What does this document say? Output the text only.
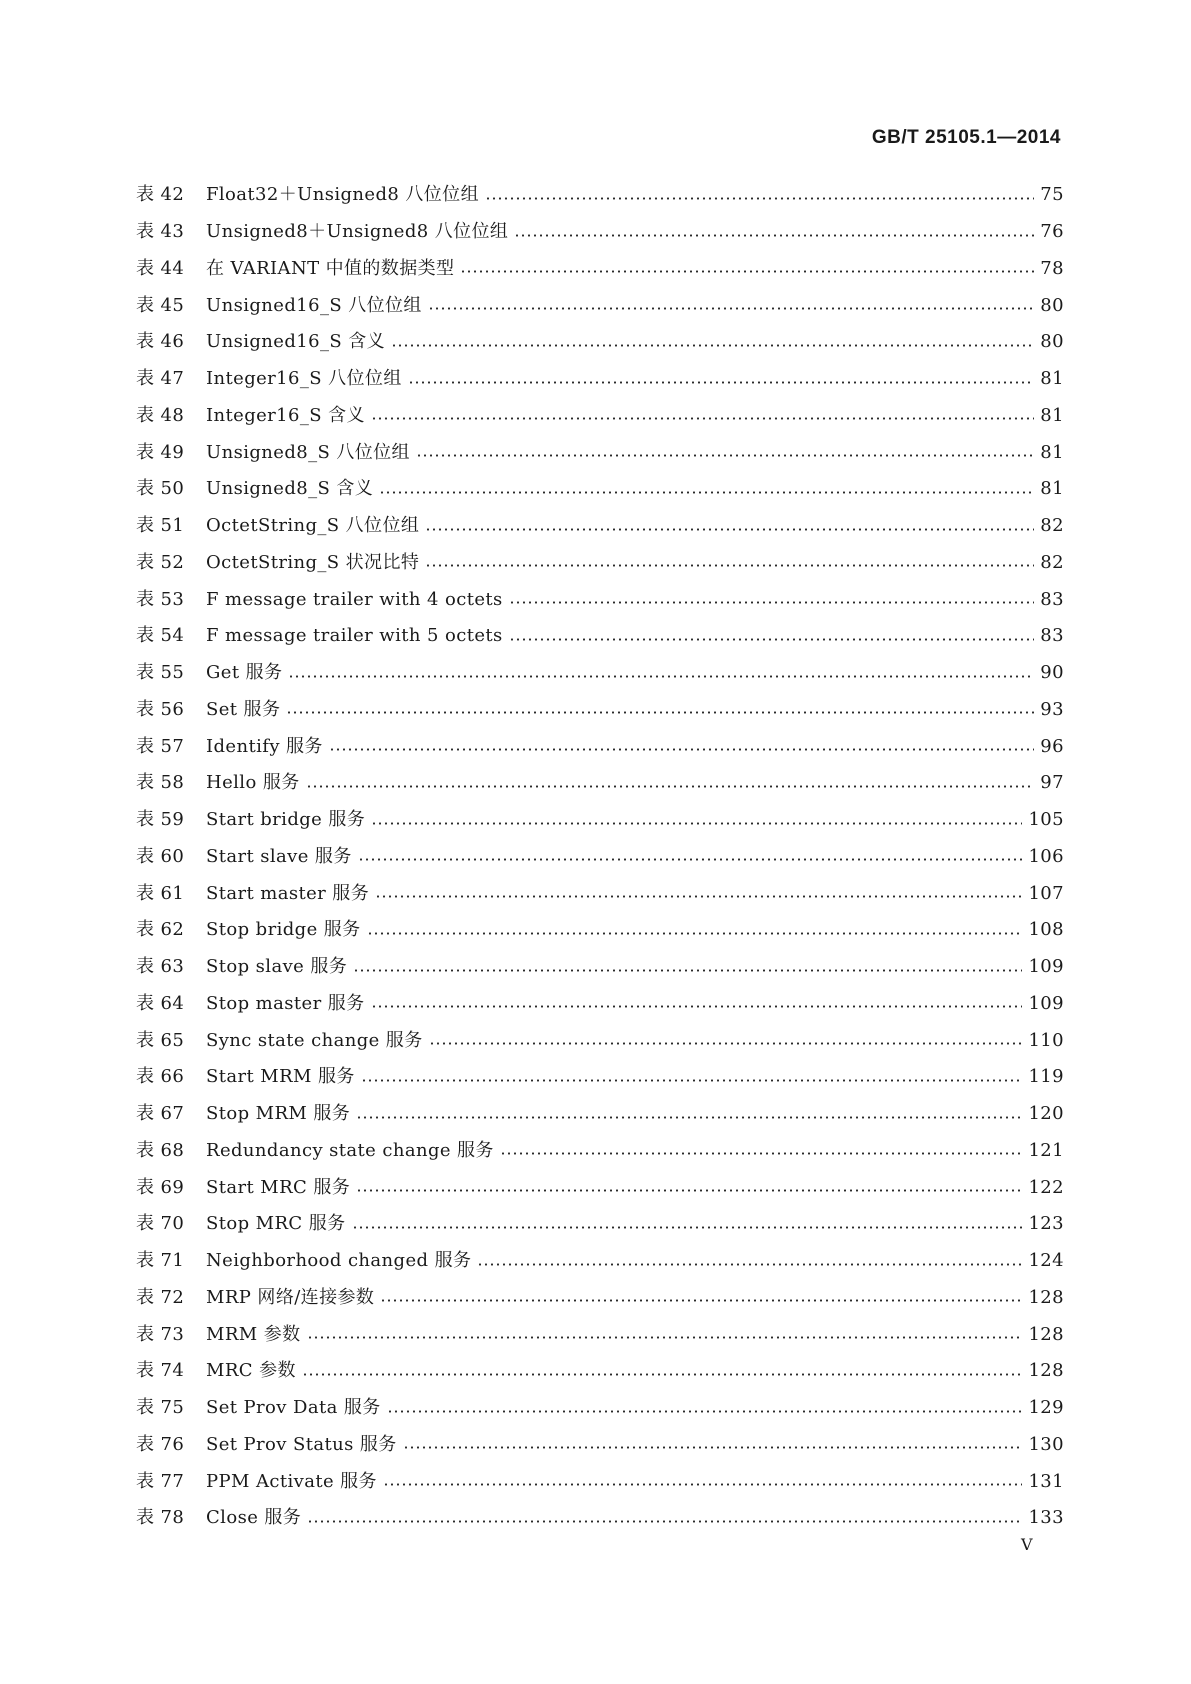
GB/T 25105.1—2014

表 42	Float32＋Unsigned8 八位位组	75
表 43	Unsigned8＋Unsigned8 八位位组	76
表 44	在 VARIANT 中值的数据类型	78
表 45	Unsigned16_S 八位位组	80
表 46	Unsigned16_S 含义	80
表 47	Integer16_S 八位位组	81
表 48	Integer16_S 含义	81
表 49	Unsigned8_S 八位位组	81
表 50	Unsigned8_S 含义	81
表 51	OctetString_S 八位位组	82
表 52	OctetString_S 状况比特	82
表 53	F message trailer with 4 octets	83
表 54	F message trailer with 5 octets	83
表 55	Get 服务	90
表 56	Set 服务	93
表 57	Identify 服务	96
表 58	Hello 服务	97
表 59	Start bridge 服务	105
表 60	Start slave 服务	106
表 61	Start master 服务	107
表 62	Stop bridge 服务	108
表 63	Stop slave 服务	109
表 64	Stop master 服务	109
表 65	Sync state change 服务	110
表 66	Start MRM 服务	119
表 67	Stop MRM 服务	120
表 68	Redundancy state change 服务	121
表 69	Start MRC 服务	122
表 70	Stop MRC 服务	123
表 71	Neighborhood changed 服务	124
表 72	MRP 网络/连接参数	128
表 73	MRM 参数	128
表 74	MRC 参数	128
表 75	Set Prov Data 服务	129
表 76	Set Prov Status 服务	130
表 77	PPM Activate 服务	131
表 78	Close 服务	133

V
